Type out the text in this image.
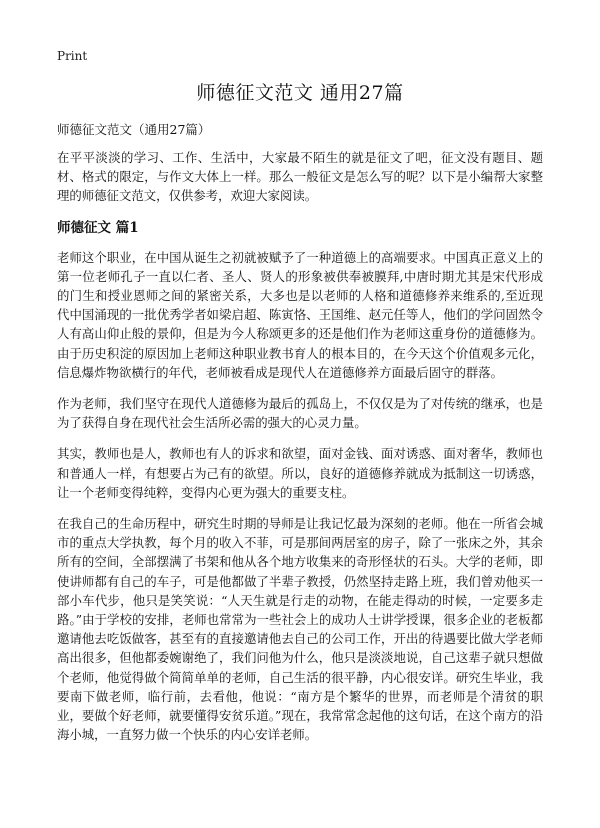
Print
师德征文范文 通用27篇

师德征文范文（通用27篇）

在平平淡淡的学习、工作、生活中，大家最不陌生的就是征文了吧，征文没有题目、题材、格式的限定，与作文大体上一样。那么一般征文是怎么写的呢？以下是小编帮大家整理的师德征文范文，仅供参考，欢迎大家阅读。

师德征文 篇1

老师这个职业，在中国从诞生之初就被赋予了一种道德上的高端要求。中国真正意义上的第一位老师孔子一直以仁者、圣人、贤人的形象被供奉被膜拜,中唐时期尤其是宋代形成的门生和授业恩师之间的紧密关系，大多也是以老师的人格和道德修养来维系的,至近现代中国涌现的一批优秀学者如梁启超、陈寅恪、王国维、赵元任等人，他们的学问固然令人有高山仰止般的景仰，但是为今人称颂更多的还是他们作为老师这重身份的道德修为。由于历史积淀的原因加上老师这种职业教书育人的根本目的，在今天这个价值观多元化，信息爆炸物欲横行的年代，老师被看成是现代人在道德修养方面最后固守的群落。

作为老师，我们坚守在现代人道德修为最后的孤岛上，不仅仅是为了对传统的继承，也是为了获得自身在现代社会生活所必需的强大的心灵力量。

其实，教师也是人，教师也有人的诉求和欲望，面对金钱、面对诱惑、面对奢华，教师也和普通人一样，有想要占为己有的欲望。所以，良好的道德修养就成为抵制这一切诱惑，让一个老师变得纯粹，变得内心更为强大的重要支柱。

在我自己的生命历程中，研究生时期的导师是让我记忆最为深刻的老师。他在一所省会城市的重点大学执教，每个月的收入不菲，可是那间两居室的房子，除了一张床之外，其余所有的空间，全部摆满了书架和他从各个地方收集来的奇形怪状的石头。大学的老师，即使讲师都有自己的车子，可是他都做了半辈子教授，仍然坚持走路上班，我们曾劝他买一部小车代步，他只是笑笑说：“人天生就是行走的动物，在能走得动的时候，一定要多走路。”由于学校的安排，老师也常常为一些社会上的成功人士讲学授课，很多企业的老板都邀请他去吃饭做客，甚至有的直接邀请他去自己的公司工作，开出的待遇要比做大学老师高出很多，但他都委婉谢绝了，我们问他为什么，他只是淡淡地说，自己这辈子就只想做个老师，他觉得做个简简单单的老师，自己生活的很平静，内心很安详。研究生毕业，我要南下做老师，临行前，去看他，他说：“南方是个繁华的世界，而老师是个清贫的职业，要做个好老师，就要懂得安贫乐道。”现在，我常常念起他的这句话，在这个南方的沿海小城，一直努力做一个快乐的内心安详老师。
